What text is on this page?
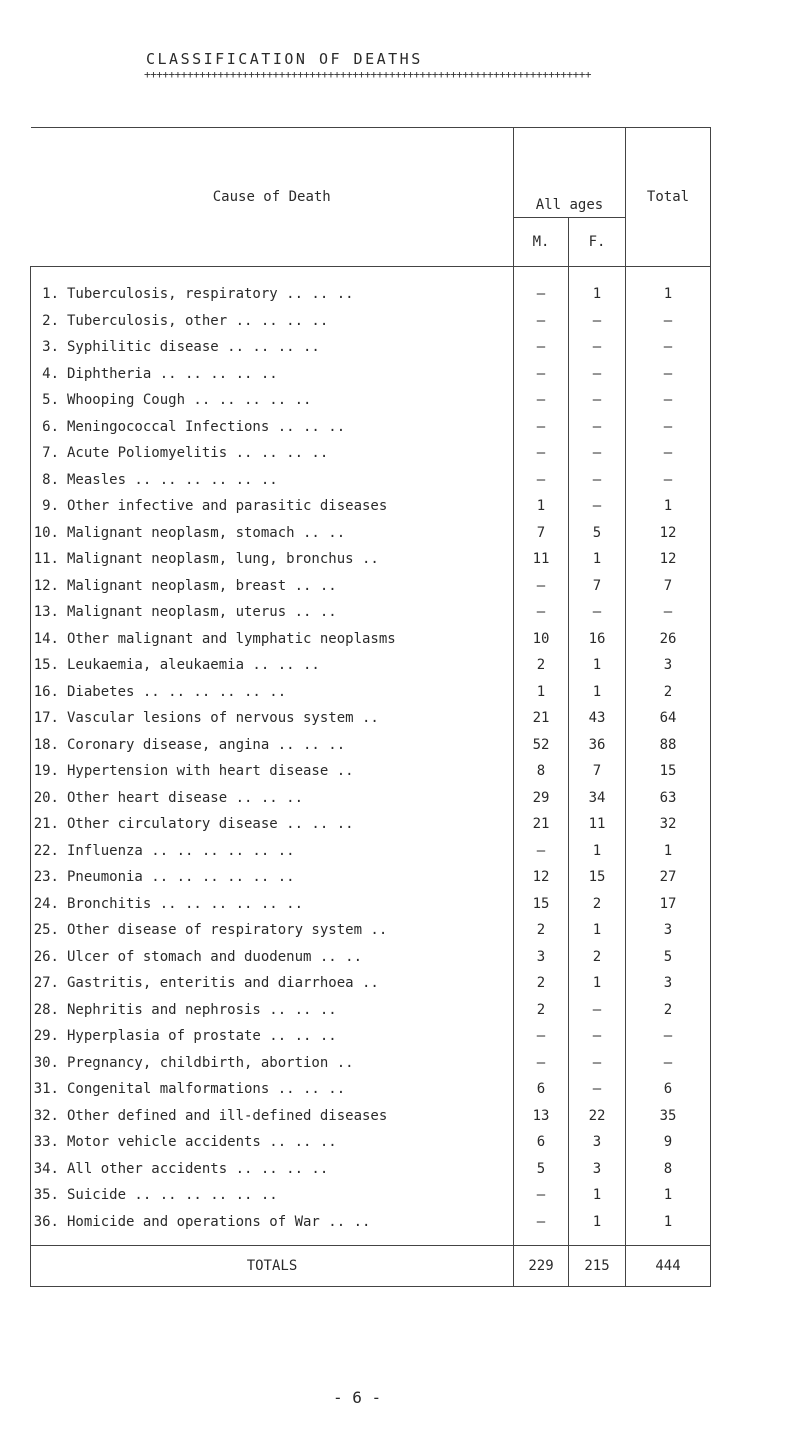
CLASSIFICATION OF DEATHS
+++++++++++++++++++++++++++++++++++++++++++++++++++++++++++++++++++++++++
Cause of Death	All ages		Total
	M.	F.	

1. Tuberculosis, respiratory .. .. ..	–	1	1
2. Tuberculosis, other .. .. .. ..	–	–	–
3. Syphilitic disease .. .. .. ..	–	–	–
4. Diphtheria .. .. .. .. ..	–	–	–
5. Whooping Cough .. .. .. .. ..	–	–	–
6. Meningococcal Infections .. .. ..	–	–	–
7. Acute Poliomyelitis .. .. .. ..	–	–	–
8. Measles .. .. .. .. .. ..	–	–	–
9. Other infective and parasitic diseases	1	–	1
10. Malignant neoplasm, stomach .. ..	7	5	12
11. Malignant neoplasm, lung, bronchus ..	11	1	12
12. Malignant neoplasm, breast .. ..	–	7	7
13. Malignant neoplasm, uterus .. ..	–	–	–
14. Other malignant and lymphatic neoplasms	10	16	26
15. Leukaemia, aleukaemia .. .. ..	2	1	3
16. Diabetes .. .. .. .. .. ..	1	1	2
17. Vascular lesions of nervous system ..	21	43	64
18. Coronary disease, angina .. .. ..	52	36	88
19. Hypertension with heart disease ..	8	7	15
20. Other heart disease .. .. ..	29	34	63
21. Other circulatory disease .. .. ..	21	11	32
22. Influenza .. .. .. .. .. ..	–	1	1
23. Pneumonia .. .. .. .. .. ..	12	15	27
24. Bronchitis .. .. .. .. .. ..	15	2	17
25. Other disease of respiratory system ..	2	1	3
26. Ulcer of stomach and duodenum .. ..	3	2	5
27. Gastritis, enteritis and diarrhoea ..	2	1	3
28. Nephritis and nephrosis .. .. ..	2	–	2
29. Hyperplasia of prostate .. .. ..	–	–	–
30. Pregnancy, childbirth, abortion ..	–	–	–
31. Congenital malformations .. .. ..	6	–	6
32. Other defined and ill-defined diseases	13	22	35
33. Motor vehicle accidents .. .. ..	6	3	9
34. All other accidents .. .. .. ..	5	3	8
35. Suicide .. .. .. .. .. ..	–	1	1
36. Homicide and operations of War .. ..	–	1	1

TOTALS	229	215	444
- 6 -
